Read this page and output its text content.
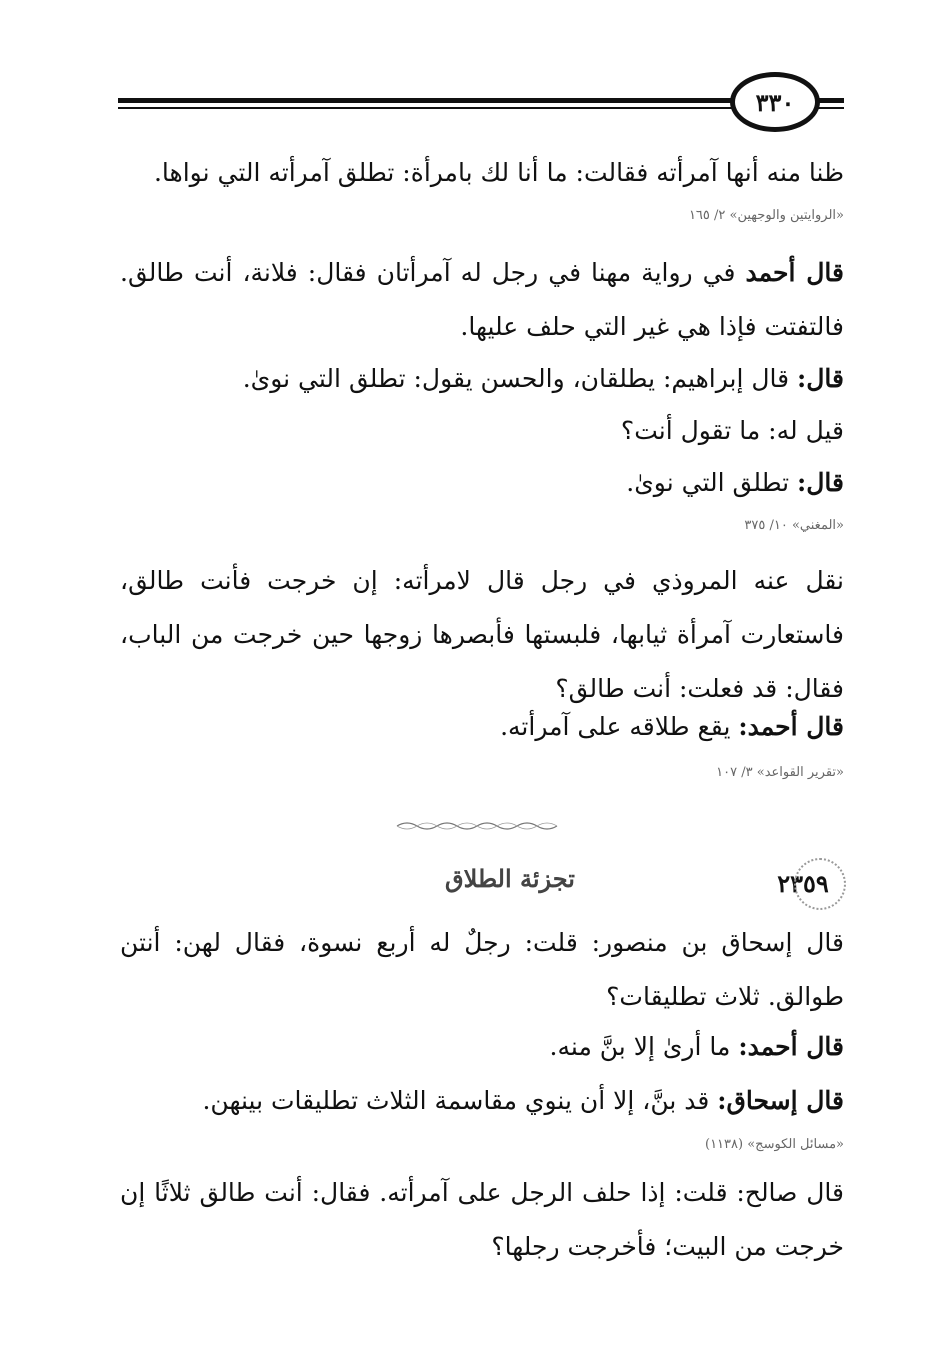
٣٣٠
ظنا منه أنها آمرأته فقالت: ما أنا لك بامرأة: تطلق آمرأته التي نواها.
«الروايتين والوجهين» ٢/ ١٦٥
قال أحمد في رواية مهنا في رجل له آمرأتان فقال: فلانة، أنت طالق. فالتفتت فإذا هي غير التي حلف عليها.
قال: قال إبراهيم: يطلقان، والحسن يقول: تطلق التي نوىٰ.
قيل له: ما تقول أنت؟
قال: تطلق التي نوىٰ.
«المغني» ١٠/ ٣٧٥
نقل عنه المروذي في رجل قال لامرأته: إن خرجت فأنت طالق، فاستعارت آمرأة ثيابها، فلبستها فأبصرها زوجها حين خرجت من الباب، فقال: قد فعلت: أنت طالق؟
قال أحمد: يقع طلاقه على آمرأته.
«تقرير القواعد» ٣/ ١٠٧
٢٣٥٩
تجزئة الطلاق
قال إسحاق بن منصور: قلت: رجلٌ له أربع نسوة، فقال لهن: أنتن طوالق. ثلاث تطليقات؟
قال أحمد: ما أرىٰ إلا بنَّ منه.
قال إسحاق: قد بنَّ، إلا أن ينوي مقاسمة الثلاث تطليقات بينهن.
«مسائل الكوسج» (١١٣٨)
قال صالح: قلت: إذا حلف الرجل على آمرأته. فقال: أنت طالق ثلاثًا إن خرجت من البيت؛ فأخرجت رجلها؟
